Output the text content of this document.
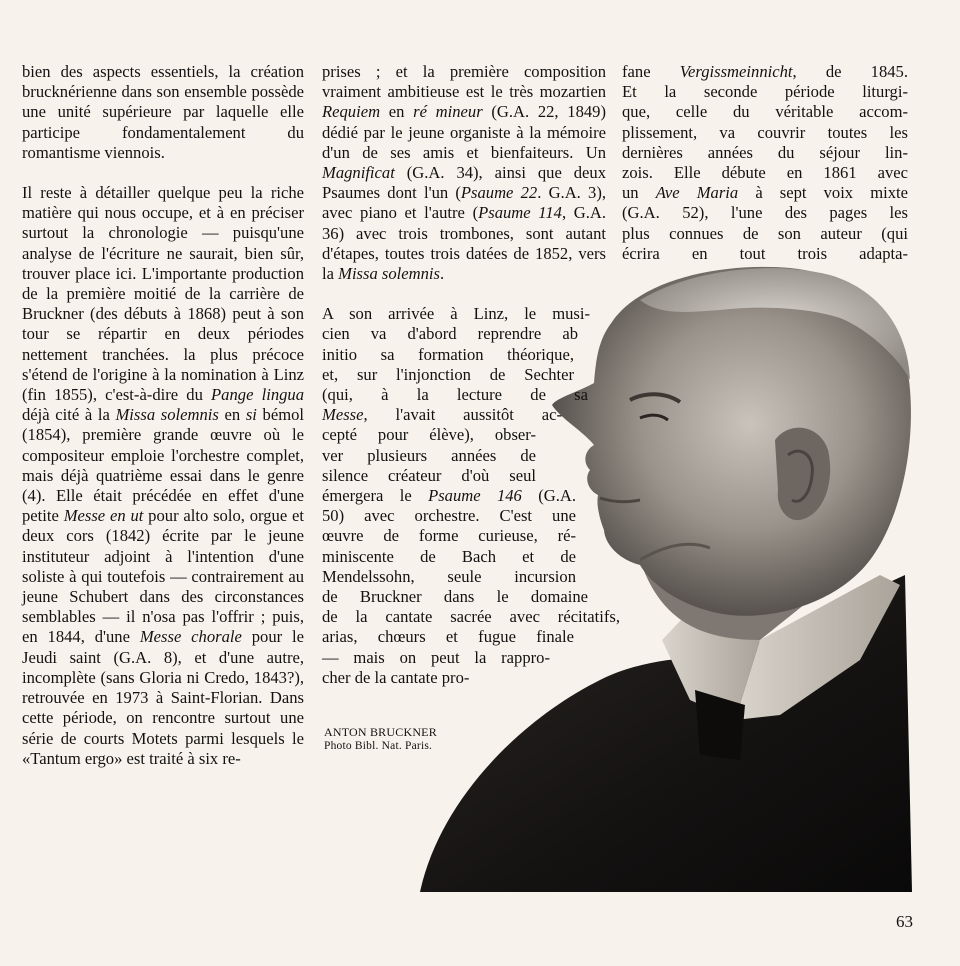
bien des aspects essentiels, la création brucknérienne dans son ensemble possède une unité supérieure par laquelle elle participe fondamentalement du romantisme viennois.

Il reste à détailler quelque peu la riche matière qui nous occupe, et à en préciser surtout la chronologie — puisqu'une analyse de l'écriture ne saurait, bien sûr, trouver place ici. L'importante production de la première moitié de la carrière de Bruckner (des débuts à 1868) peut à son tour se répartir en deux périodes nettement tranchées. la plus précoce s'étend de l'origine à la nomination à Linz (fin 1855), c'est-à-dire du Pange lingua déjà cité à la Missa solemnis en si bémol (1854), première grande œuvre où le compositeur emploie l'orchestre complet, mais déjà quatrième essai dans le genre (4). Elle était précédée en effet d'une petite Messe en ut pour alto solo, orgue et deux cors (1842) écrite par le jeune instituteur adjoint à l'intention d'une soliste à qui toutefois — contrairement au jeune Schubert dans des circonstances semblables — il n'osa pas l'offrir ; puis, en 1844, d'une Messe chorale pour le Jeudi saint (G.A. 8), et d'une autre, incomplète (sans Gloria ni Credo, 1843?), retrouvée en 1973 à Saint-Florian. Dans cette période, on rencontre surtout une série de courts Motets parmi lesquels le «Tantum ergo» est traité à six re-

prises ; et la première composition vraiment ambitieuse est le très mozartien Requiem en ré mineur (G.A. 22, 1849) dédié par le jeune organiste à la mémoire d'un de ses amis et bienfaiteurs. Un Magnificat (G.A. 34), ainsi que deux Psaumes dont l'un (Psaume 22. G.A. 3), avec piano et l'autre (Psaume 114, G.A. 36) avec trois trombones, sont autant d'étapes, toutes trois datées de 1852, vers la Missa solemnis.

A son arrivée à Linz, le musi-
cien va d'abord reprendre ab
initio sa formation théorique,
et, sur l'injonction de Sechter
(qui, à la lecture de sa
Messe, l'avait aussitôt ac-
cepté pour élève), obser-
ver plusieurs années de
silence créateur d'où seul
émergera le Psaume 146 (G.A.
50) avec orchestre. C'est une
œuvre de forme curieuse, ré-
miniscente de Bach et de
Mendelssohn, seule incursion
de Bruckner dans le domaine
de la cantate sacrée avec récitatifs,
arias, chœurs et fugue finale
— mais on peut la rappro-
cher de la cantate pro-

fane Vergissmeinnicht, de 1845.
Et la seconde période liturgi-
que, celle du véritable accom-
plissement, va couvrir toutes les
dernières années du séjour lin-
zois. Elle débute en 1861 avec
un Ave Maria à sept voix mixte
(G.A. 52), l'une des pages les
plus connues de son auteur (qui
écrira en tout trois adapta-
ANTON BRUCKNER
Photo Bibl. Nat. Paris.
63
